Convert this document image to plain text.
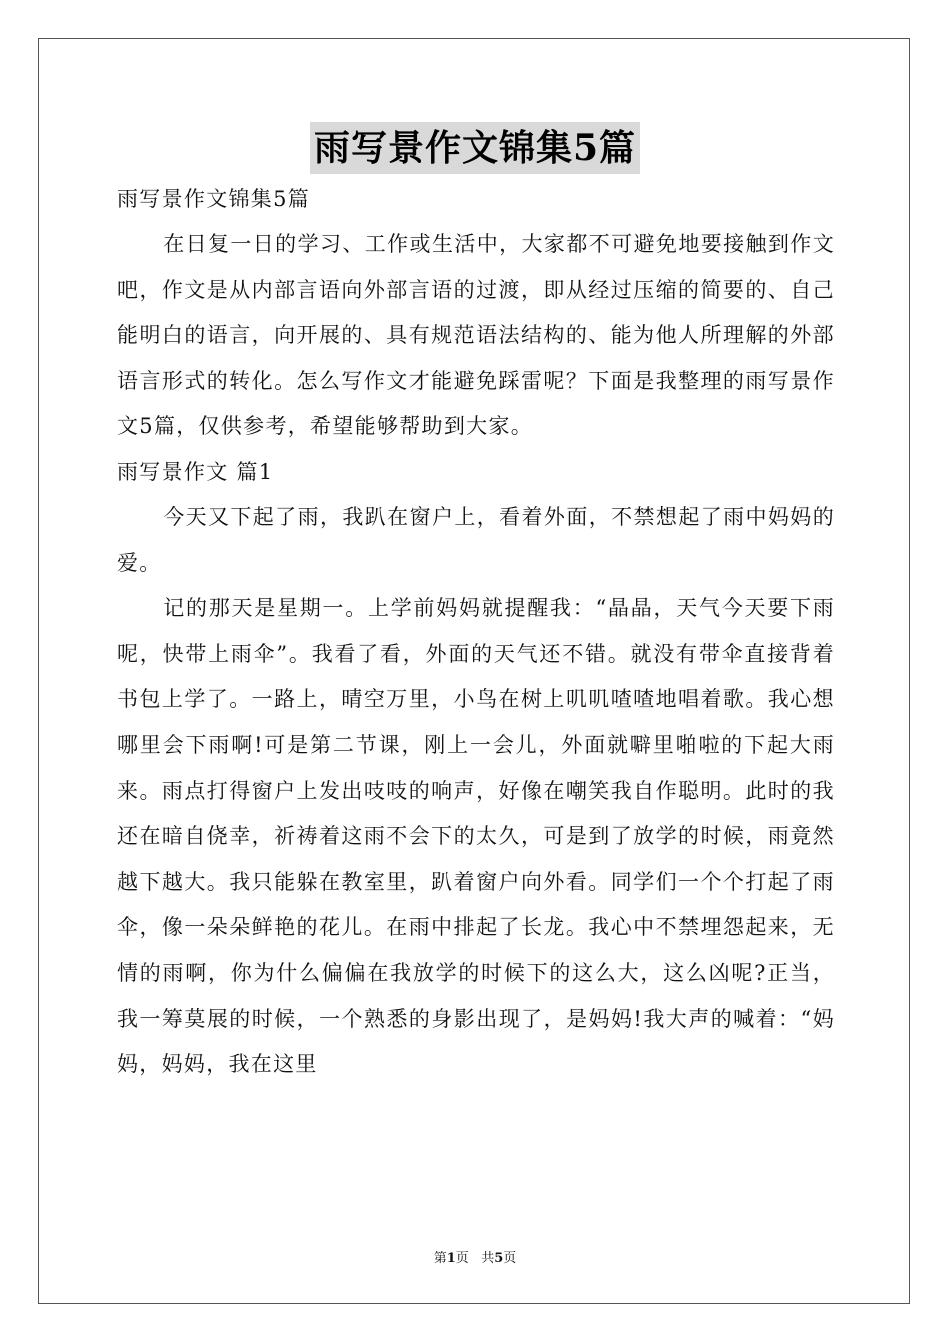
雨写景作文锦集5篇

雨写景作文锦集5篇

在日复一日的学习、工作或生活中，大家都不可避免地要接触到作文吧，作文是从内部言语向外部言语的过渡，即从经过压缩的简要的、自己能明白的语言，向开展的、具有规范语法结构的、能为他人所理解的外部语言形式的转化。怎么写作文才能避免踩雷呢？下面是我整理的雨写景作文5篇，仅供参考，希望能够帮助到大家。

雨写景作文 篇1

今天又下起了雨，我趴在窗户上，看着外面，不禁想起了雨中妈妈的爱。

记的那天是星期一。上学前妈妈就提醒我：“晶晶，天气今天要下雨呢，快带上雨伞”。我看了看，外面的天气还不错。就没有带伞直接背着书包上学了。一路上，晴空万里，小鸟在树上叽叽喳喳地唱着歌。我心想哪里会下雨啊!可是第二节课，刚上一会儿，外面就噼里啪啦的下起大雨来。雨点打得窗户上发出吱吱的响声，好像在嘲笑我自作聪明。此时的我还在暗自侥幸，祈祷着这雨不会下的太久，可是到了放学的时候，雨竟然越下越大。我只能躲在教室里，趴着窗户向外看。同学们一个个打起了雨伞，像一朵朵鲜艳的花儿。在雨中排起了长龙。我心中不禁埋怨起来，无情的雨啊，你为什么偏偏在我放学的时候下的这么大，这么凶呢?正当，我一筹莫展的时候，一个熟悉的身影出现了，是妈妈!我大声的喊着：“妈妈，妈妈，我在这里

第1页 共5页
